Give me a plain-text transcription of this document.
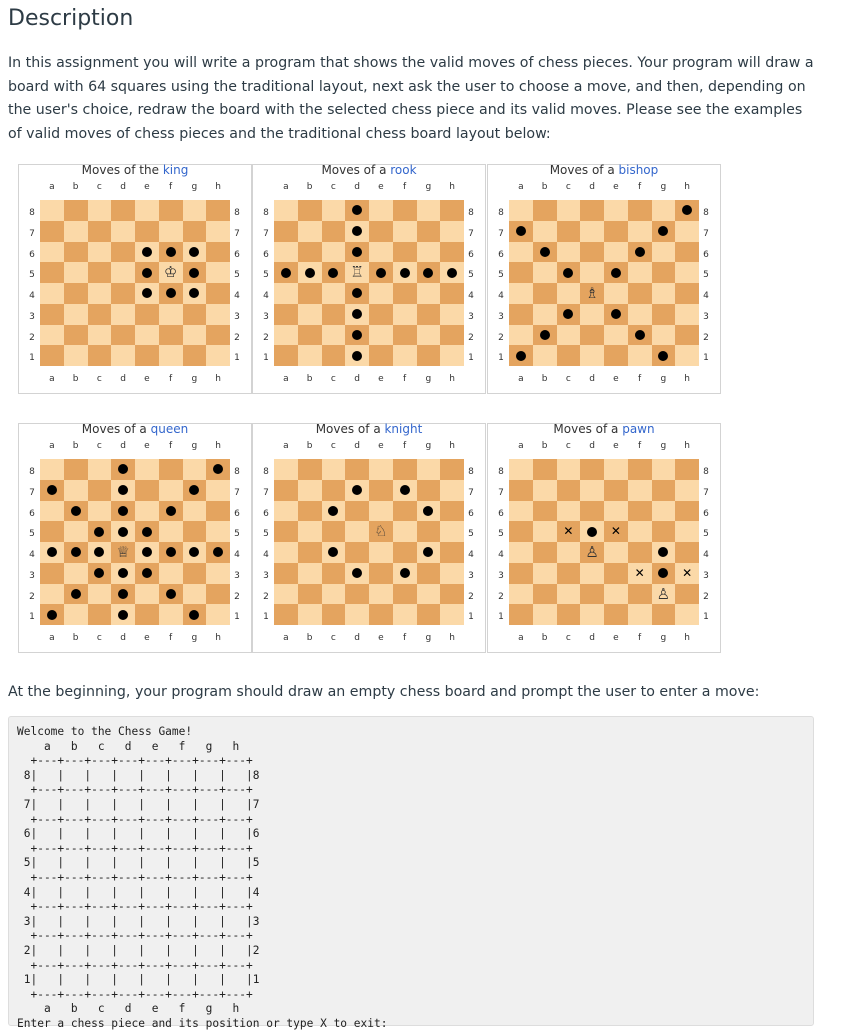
Description

In this assignment you will write a program that shows the valid moves of chess pieces. Your program will draw a board with 64 squares using the traditional layout, next ask the user to choose a move, and then, depending on the user's choice, redraw the board with the selected chess piece and its valid moves. Please see the examples of valid moves of chess pieces and the traditional chess board layout below:

Moves of the king
a	b	c	d	e	f	g	h
a	b	c	d	e	f	g	h
8
7
6
5
4
3
2
1
8
7
6
5
4
3
2
1
♔
Moves of a rook
a	b	c	d	e	f	g	h
a	b	c	d	e	f	g	h
8
7
6
5
4
3
2
1
8
7
6
5
4
3
2
1
♖
Moves of a bishop
a	b	c	d	e	f	g	h
a	b	c	d	e	f	g	h
8
7
6
5
4
3
2
1
8
7
6
5
4
3
2
1
♗
Moves of a queen
a	b	c	d	e	f	g	h
a	b	c	d	e	f	g	h
8
7
6
5
4
3
2
1
8
7
6
5
4
3
2
1
♕
Moves of a knight
a	b	c	d	e	f	g	h
a	b	c	d	e	f	g	h
8
7
6
5
4
3
2
1
8
7
6
5
4
3
2
1
♘
Moves of a pawn
a	b	c	d	e	f	g	h
a	b	c	d	e	f	g	h
8
7
6
5
4
3
2
1
8
7
6
5
4
3
2
1
✕	✕
✕	✕
♙
♙

At the beginning, your program should draw an empty chess board and prompt the user to enter a move:

Welcome to the Chess Game!
a   b   c   d   e   f   g   h
+---+---+---+---+---+---+---+---+
8|   |   |   |   |   |   |   |   |8
+---+---+---+---+---+---+---+---+
7|   |   |   |   |   |   |   |   |7
+---+---+---+---+---+---+---+---+
6|   |   |   |   |   |   |   |   |6
+---+---+---+---+---+---+---+---+
5|   |   |   |   |   |   |   |   |5
+---+---+---+---+---+---+---+---+
4|   |   |   |   |   |   |   |   |4
+---+---+---+---+---+---+---+---+
3|   |   |   |   |   |   |   |   |3
+---+---+---+---+---+---+---+---+
2|   |   |   |   |   |   |   |   |2
+---+---+---+---+---+---+---+---+
1|   |   |   |   |   |   |   |   |1
+---+---+---+---+---+---+---+---+
a   b   c   d   e   f   g   h
Enter a chess piece and its position or type X to exit:
